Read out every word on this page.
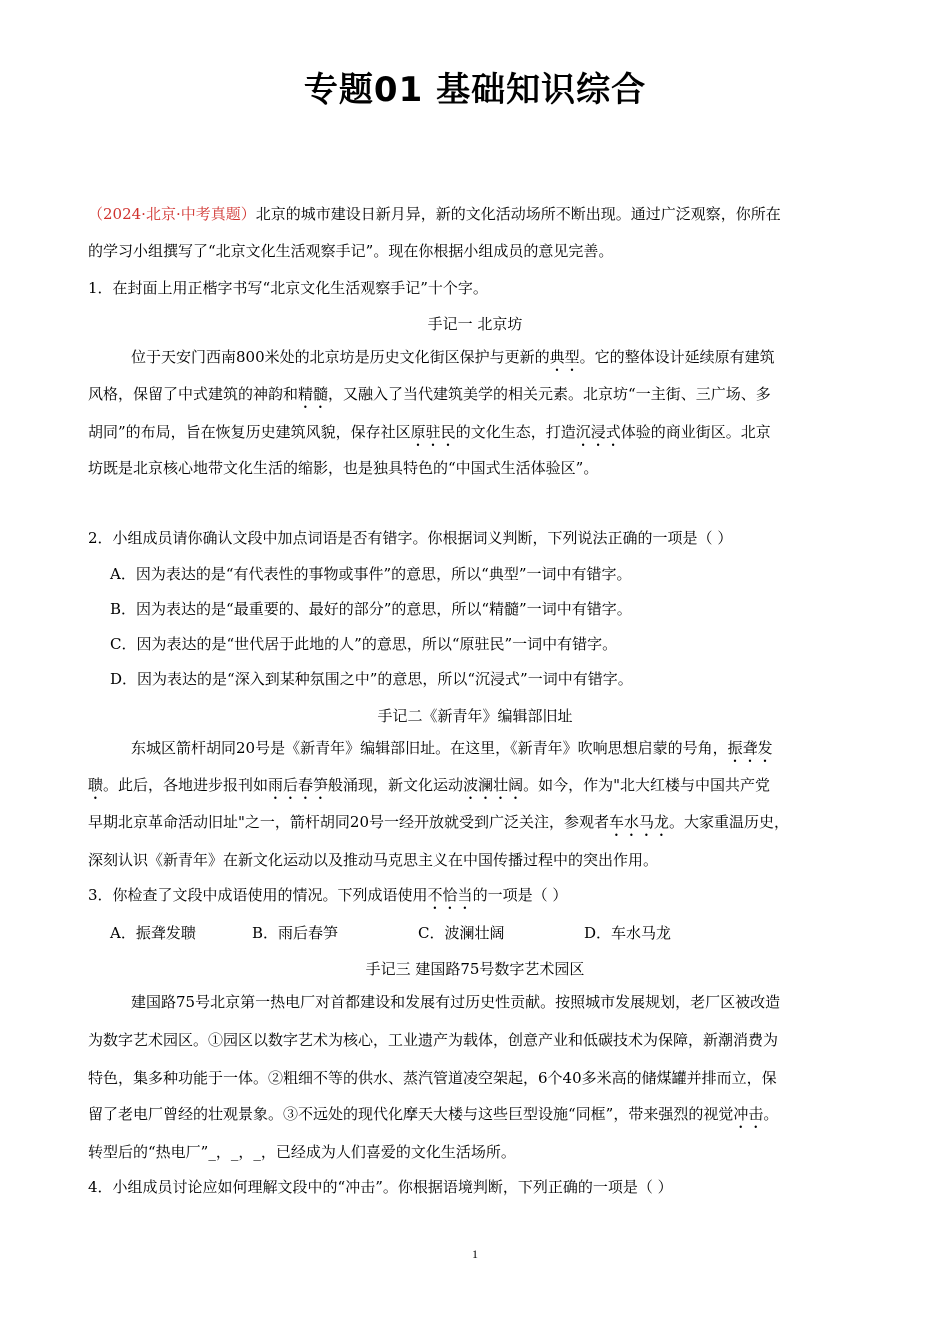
专题01 基础知识综合
（2024·北京·中考真题）北京的城市建设日新月异，新的文化活动场所不断出现。通过广泛观察，你所在
的学习小组撰写了“北京文化生活观察手记”。现在你根据小组成员的意见完善。
1．在封面上用正楷字书写“北京文化生活观察手记”十个字。
手记一 北京坊
位于天安门西南800米处的北京坊是历史文化街区保护与更新的典型。它的整体设计延续原有建筑
风格，保留了中式建筑的神韵和精髓，又融入了当代建筑美学的相关元素。北京坊“一主街、三广场、多
胡同”的布局，旨在恢复历史建筑风貌，保存社区原驻民的文化生态，打造沉浸式体验的商业街区。北京
坊既是北京核心地带文化生活的缩影，也是独具特色的“中国式生活体验区”。
2．小组成员请你确认文段中加点词语是否有错字。你根据词义判断，下列说法正确的一项是（ ）
A．因为表达的是“有代表性的事物或事件”的意思，所以“典型”一词中有错字。
B．因为表达的是“最重要的、最好的部分”的意思，所以“精髓”一词中有错字。
C．因为表达的是“世代居于此地的人”的意思，所以“原驻民”一词中有错字。
D．因为表达的是“深入到某种氛围之中”的意思，所以“沉浸式”一词中有错字。
手记二《新青年》编辑部旧址
东城区箭杆胡同20号是《新青年》编辑部旧址。在这里，《新青年》吹响思想启蒙的号角，振聋发
聩。此后，各地进步报刊如雨后春笋般涌现，新文化运动波澜壮阔。如今，作为"北大红楼与中国共产党
早期北京革命活动旧址"之一，箭杆胡同20号一经开放就受到广泛关注，参观者车水马龙。大家重温历史，
深刻认识《新青年》在新文化运动以及推动马克思主义在中国传播过程中的突出作用。
3．你检查了文段中成语使用的情况。下列成语使用不恰当的一项是（ ）
A．振聋发聩	B．雨后春笋	C．波澜壮阔	D．车水马龙
手记三 建国路75号数字艺术园区
建国路75号北京第一热电厂对首都建设和发展有过历史性贡献。按照城市发展规划，老厂区被改造
为数字艺术园区。①园区以数字艺术为核心，工业遗产为载体，创意产业和低碳技术为保障，新潮消费为
特色，集多种功能于一体。②粗细不等的供水、蒸汽管道凌空架起，6个40多米高的储煤罐并排而立，保
留了老电厂曾经的壮观景象。③不远处的现代化摩天大楼与这些巨型设施“同框”，带来强烈的视觉冲击。
转型后的“热电厂”_，_，_，已经成为人们喜爱的文化生活场所。
4．小组成员讨论应如何理解文段中的“冲击”。你根据语境判断，下列正确的一项是（ ）
1
